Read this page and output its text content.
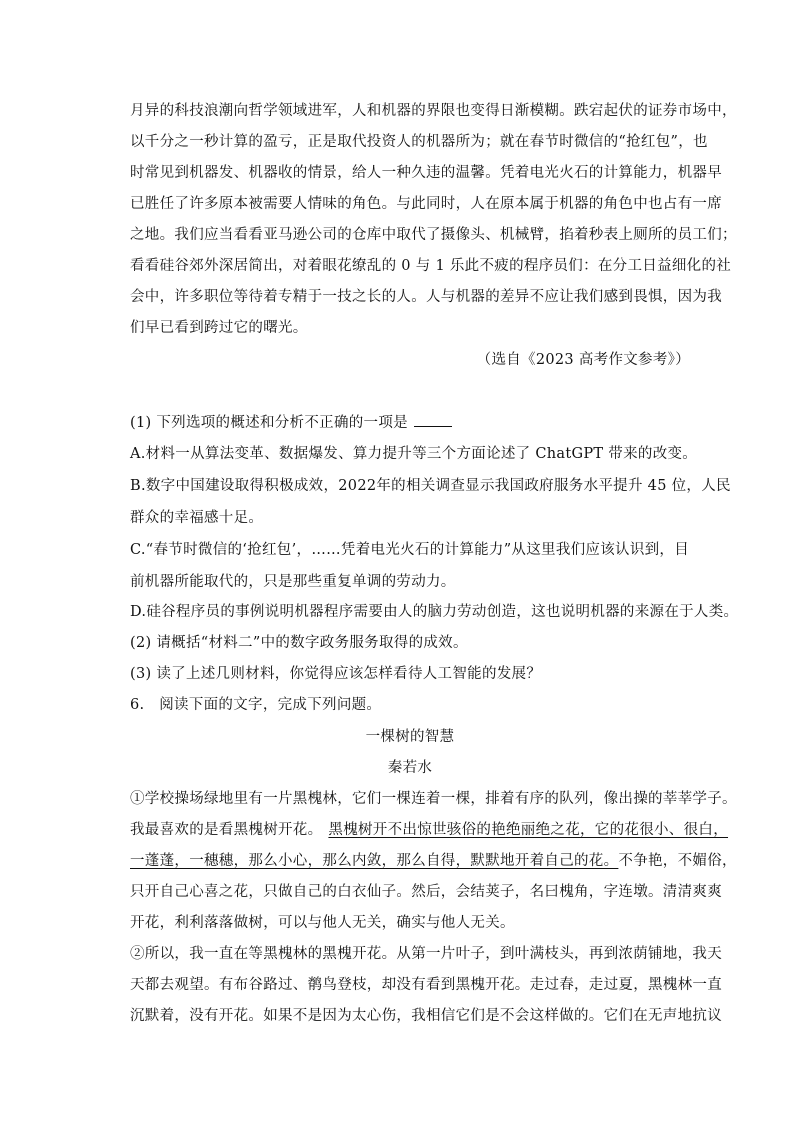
月异的科技浪潮向哲学领域进军，人和机器的界限也变得日渐模糊。跌宕起伏的证券市场中，
以千分之一秒计算的盈亏，正是取代投资人的机器所为；就在春节时微信的“抢红包”，也
时常见到机器发、机器收的情景，给人一种久违的温馨。凭着电光火石的计算能力，机器早
已胜任了许多原本被需要人情味的角色。与此同时，人在原本属于机器的角色中也占有一席
之地。我们应当看看亚马逊公司的仓库中取代了摄像头、机械臂，掐着秒表上厕所的员工们；
看看硅谷郊外深居简出，对着眼花缭乱的 0 与 1 乐此不疲的程序员们：在分工日益细化的社
会中，许多职位等待着专精于一技之长的人。人与机器的差异不应让我们感到畏惧，因为我
们早已看到跨过它的曙光。
（选自《2023 高考作文参考》）
(1) 下列选项的概述和分析不正确的一项是
A.材料一从算法变革、数据爆发、算力提升等三个方面论述了 ChatGPT 带来的改变。
B.数字中国建设取得积极成效，2022年的相关调查显示我国政府服务水平提升 45 位，人民
群众的幸福感十足。
C.“春节时微信的‘抢红包’，……凭着电光火石的计算能力”从这里我们应该认识到，目
前机器所能取代的，只是那些重复单调的劳动力。
D.硅谷程序员的事例说明机器程序需要由人的脑力劳动创造，这也说明机器的来源在于人类。
(2) 请概括“材料二”中的数字政务服务取得的成效。
(3) 读了上述几则材料，你觉得应该怎样看待人工智能的发展？
6.　阅读下面的文字，完成下列问题。
一棵树的智慧
秦若水
①学校操场绿地里有一片黑槐林，它们一棵连着一棵，排着有序的队列，像出操的莘莘学子。
我最喜欢的是看黑槐树开花。 黑槐树开不出惊世骇俗的艳绝丽绝之花，它的花很小、很白，
一蓬蓬，一穗穗，那么小心，那么内敛，那么自得，默默地开着自己的花。不争艳，不媚俗，
只开自己心喜之花，只做自己的白衣仙子。然后，会结荚子，名曰槐角，字连墩。清清爽爽
开花，利利落落做树，可以与他人无关，确实与他人无关。
②所以，我一直在等黑槐林的黑槐开花。从第一片叶子，到叶满枝头，再到浓荫铺地，我天
天都去观望。有布谷路过、鹡鸟登枝，却没有看到黑槐开花。走过春，走过夏，黑槐林一直
沉默着，没有开花。如果不是因为太心伤，我相信它们是不会这样做的。它们在无声地抗议
